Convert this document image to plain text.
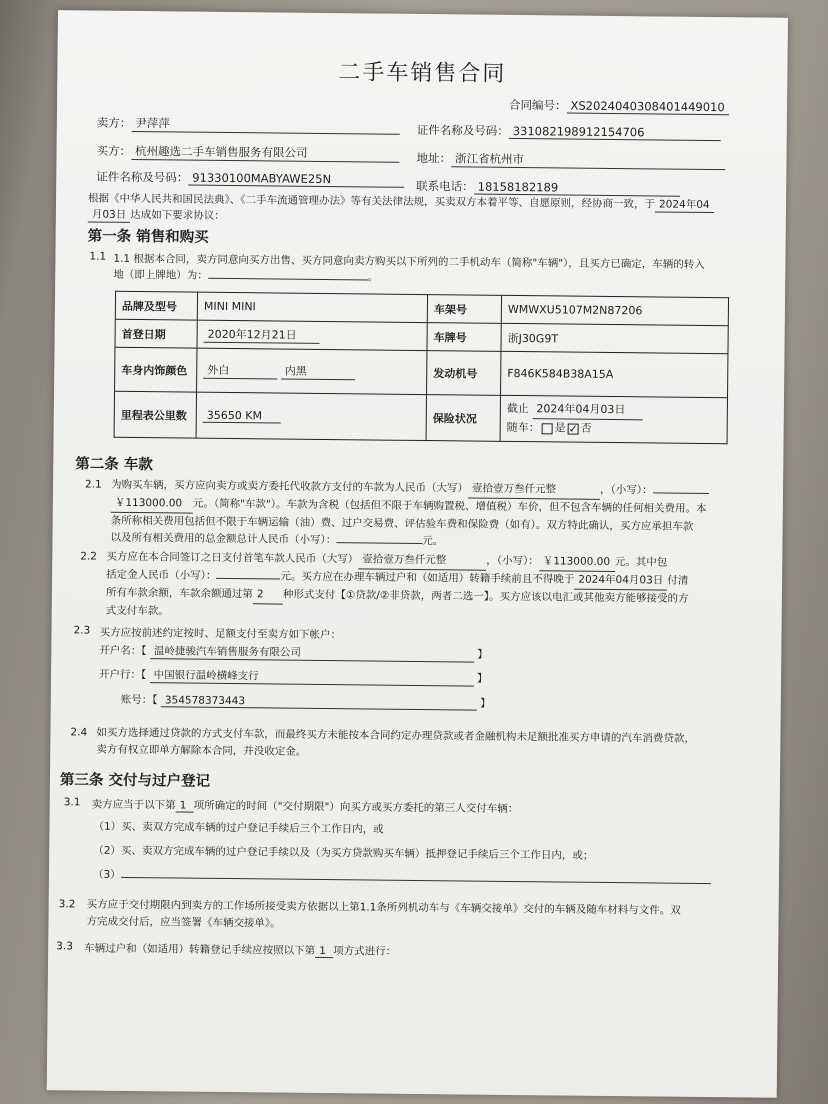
二手车销售合同
合同编号： XS2024040308401449010
卖方： 尹萍萍	证件名称及号码： 331082198912154706
买方： 杭州趣选二手车销售服务有限公司	地址： 浙江省杭州市
证件名称及号码： 91330100MABYAWE25N
联系电话： 18158182189
根据《中华人民共和国民法典》、《二手车流通管理办法》等有关法律法规，买卖双方本着平等、自愿原则，经协商一致，于 2024年04
月03日 达成如下要求协议：
第一条 销售和购买
1.1 1.1 根据本合同，卖方同意向买方出售、买方同意向卖方购买以下所列的二手机动车（简称"车辆"），且买方已确定，车辆的转入
地（即上牌地）为：	。
品牌及型号	MINI MINI	车架号	WMWXU5107M2N87206
首登日期	2020年12月21日	车牌号	浙J30G9T
车身内饰颜色	外白 内黑	发动机号	F846K584B38A15A
里程表公里数	35650 KM	保险状况	截止 2024年04月03日
随车： 是 ✓ 否
第二条 车款
2.1 为购买车辆，买方应向卖方或卖方委托代收款方支付的车款为人民币（大写） 壹拾壹万叁仟元整	，（小写）：
￥113000.00 元。（简称"车款"）。车款为含税（包括但不限于车辆购置税、增值税）车价，但不包含车辆的任何相关费用。本
条所称相关费用包括但不限于车辆运输（油）费、过户交易费、评估验车费和保险费（如有）。双方特此确认，买方应承担车款
以及所有相关费用的总金额总计人民币（小写）：	元。
2.2 买方应在本合同签订之日支付首笔车款人民币（大写） 壹拾壹万叁仟元整	，（小写）： ￥113000.00 元。其中包
括定金人民币（小写）：	元。买方应在办理车辆过户和（如适用）转籍手续前且不得晚于 2024年04月03日 付清
所有车款余额，车款余额通过第 2 种形式支付【①贷款/②非贷款，两者二选一】。买方应该以电汇或其他卖方能够接受的方
式支付车款。
2.3 买方应按前述约定按时、足额支付至卖方如下帐户：
开户名：【 温岭捷骏汽车销售服务有限公司	】
开户行：【 中国银行温岭横峰支行	】
账号：【 354578373443	】
2.4 如买方选择通过贷款的方式支付车款，而最终买方未能按本合同约定办理贷款或者金融机构未足额批准买方申请的汽车消费贷款，
卖方有权立即单方解除本合同，并没收定金。
第三条 交付与过户登记
3.1 卖方应当于以下第 1 项所确定的时间（"交付期限"）向买方或买方委托的第三人交付车辆：
（1）买、卖双方完成车辆的过户登记手续后三个工作日内，或
（2）买、卖双方完成车辆的过户登记手续以及（为买方贷款购买车辆）抵押登记手续后三个工作日内，或；
（3）
3.2 买方应于交付期限内到卖方的工作场所接受卖方依据以上第1.1条所列机动车与《车辆交接单》交付的车辆及随车材料与文件。双
方完成交付后，应当签署《车辆交接单》。
3.3 车辆过户和（如适用）转籍登记手续应按照以下第 1 项方式进行：
